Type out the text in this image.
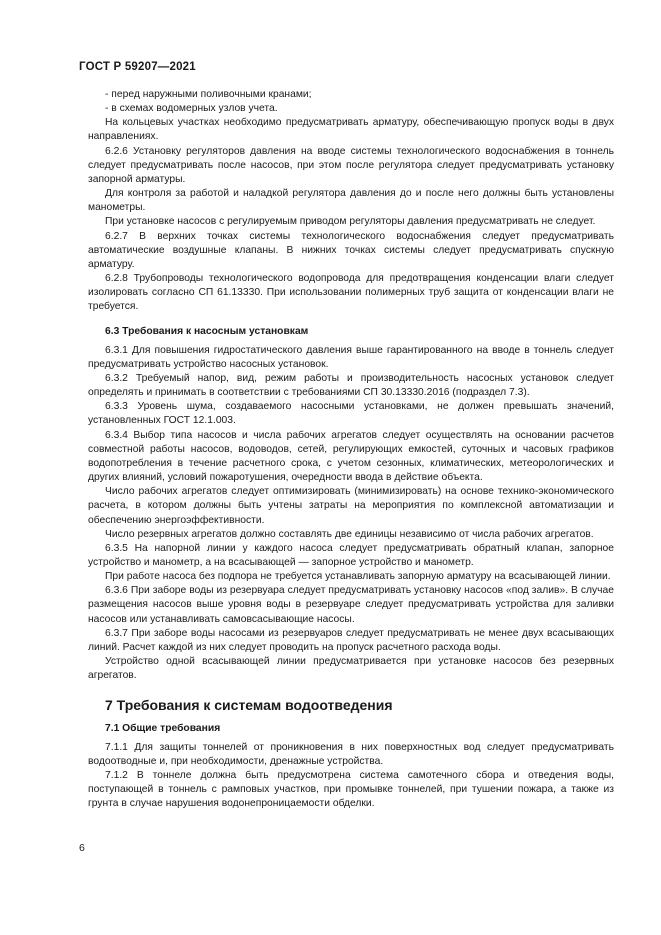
ГОСТ Р 59207—2021

- перед наружными поливочными кранами;

- в схемах водомерных узлов учета.

На кольцевых участках необходимо предусматривать арматуру, обеспечивающую пропуск воды в двух направлениях.

6.2.6 Установку регуляторов давления на вводе системы технологического водоснабжения в тоннель следует предусматривать после насосов, при этом после регулятора следует предусматривать установку запорной арматуры.

Для контроля за работой и наладкой регулятора давления до и после него должны быть установлены манометры.

При установке насосов с регулируемым приводом регуляторы давления предусматривать не следует.

6.2.7 В верхних точках системы технологического водоснабжения следует предусматривать автоматические воздушные клапаны. В нижних точках системы следует предусматривать спускную арматуру.

6.2.8 Трубопроводы технологического водопровода для предотвращения конденсации влаги следует изолировать согласно СП 61.13330. При использовании полимерных труб защита от конденсации влаги не требуется.

6.3 Требования к насосным установкам

6.3.1 Для повышения гидростатического давления выше гарантированного на вводе в тоннель следует предусматривать устройство насосных установок.

6.3.2 Требуемый напор, вид, режим работы и производительность насосных установок следует определять и принимать в соответствии с требованиями СП 30.13330.2016 (подраздел 7.3).

6.3.3 Уровень шума, создаваемого насосными установками, не должен превышать значений, установленных ГОСТ 12.1.003.

6.3.4 Выбор типа насосов и числа рабочих агрегатов следует осуществлять на основании расчетов совместной работы насосов, водоводов, сетей, регулирующих емкостей, суточных и часовых графиков водопотребления в течение расчетного срока, с учетом сезонных, климатических, метеорологических и других влияний, условий пожаротушения, очередности ввода в действие объекта.

Число рабочих агрегатов следует оптимизировать (минимизировать) на основе технико-экономического расчета, в котором должны быть учтены затраты на мероприятия по комплексной автоматизации и обеспечению энергоэффективности.

Число резервных агрегатов должно составлять две единицы независимо от числа рабочих агрегатов.

6.3.5 На напорной линии у каждого насоса следует предусматривать обратный клапан, запорное устройство и манометр, а на всасывающей — запорное устройство и манометр.

При работе насоса без подпора не требуется устанавливать запорную арматуру на всасывающей линии.

6.3.6 При заборе воды из резервуара следует предусматривать установку насосов «под залив». В случае размещения насосов выше уровня воды в резервуаре следует предусматривать устройства для заливки насосов или устанавливать самовсасывающие насосы.

6.3.7 При заборе воды насосами из резервуаров следует предусматривать не менее двух всасывающих линий. Расчет каждой из них следует проводить на пропуск расчетного расхода воды.

Устройство одной всасывающей линии предусматривается при установке насосов без резервных агрегатов.

7 Требования к системам водоотведения
7.1 Общие требования

7.1.1 Для защиты тоннелей от проникновения в них поверхностных вод следует предусматривать водоотводные и, при необходимости, дренажные устройства.

7.1.2 В тоннеле должна быть предусмотрена система самотечного сбора и отведения воды, поступающей в тоннель с рамповых участков, при промывке тоннелей, при тушении пожара, а также из грунта в случае нарушения водонепроницаемости обделки.

6
